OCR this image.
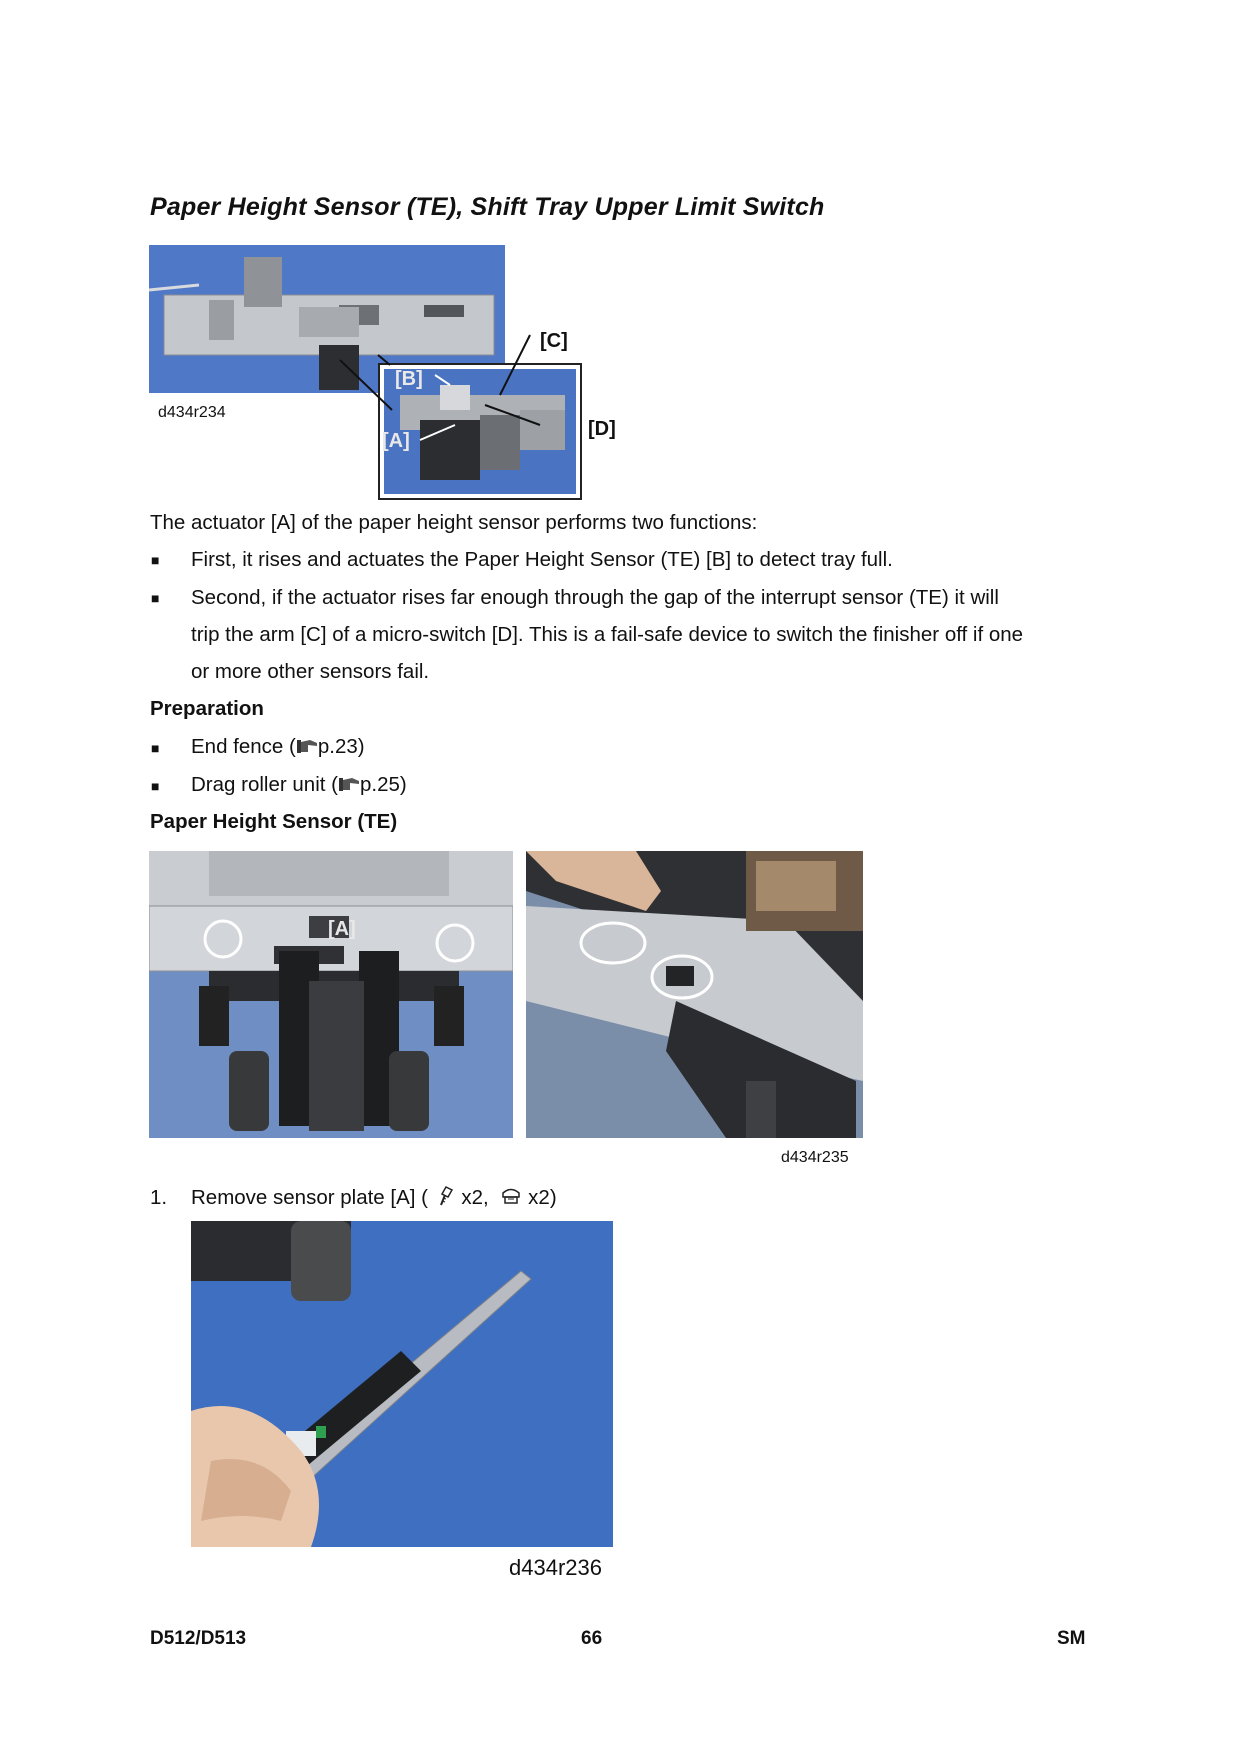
Paper Height Sensor (TE), Shift Tray Upper Limit Switch
d434r234
[C]
[D]
[B]
[A]
The actuator [A] of the paper height sensor performs two functions:
■ First, it rises and actuates the Paper Height Sensor (TE) [B] to detect tray full.
■ Second, if the actuator rises far enough through the gap of the interrupt sensor (TE) it will
trip the arm [C] of a micro-switch [D]. This is a fail-safe device to switch the finisher off if one
or more other sensors fail.
Preparation
■ End fence ( p.23)
■ Drag roller unit ( p.25)
Paper Height Sensor (TE)
[A]
d434r235
1. Remove sensor plate [A] ( x2, x2)
d434r236
D512/D513	66	SM
